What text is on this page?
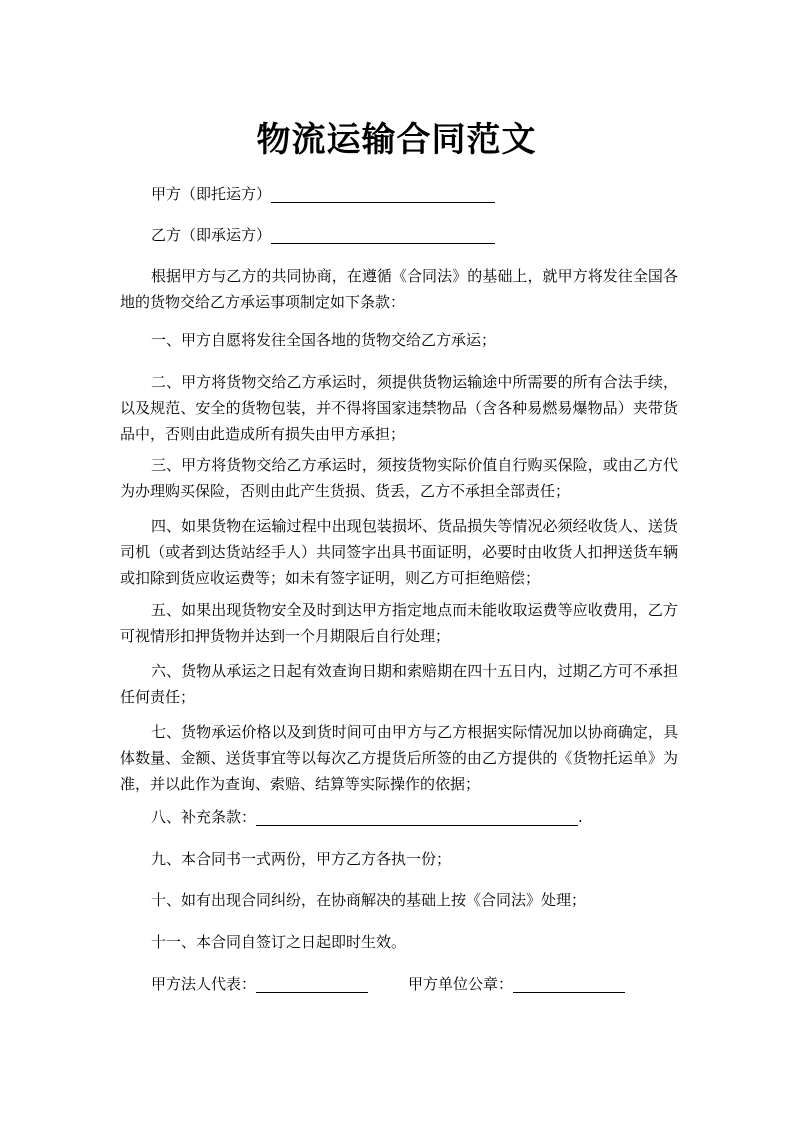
物流运输合同范文
甲方（即托运方）
乙方（即承运方）
根据甲方与乙方的共同协商，在遵循《合同法》的基础上，就甲方将发往全国各地的货物交给乙方承运事项制定如下条款：
一、甲方自愿将发往全国各地的货物交给乙方承运；
二、甲方将货物交给乙方承运时，须提供货物运输途中所需要的所有合法手续，以及规范、安全的货物包装，并不得将国家违禁物品（含各种易燃易爆物品）夹带货品中，否则由此造成所有损失由甲方承担；
三、甲方将货物交给乙方承运时，须按货物实际价值自行购买保险，或由乙方代为办理购买保险，否则由此产生货损、货丢，乙方不承担全部责任；
四、如果货物在运输过程中出现包装损坏、货品损失等情况必须经收货人、送货司机（或者到达货站经手人）共同签字出具书面证明，必要时由收货人扣押送货车辆或扣除到货应收运费等；如未有签字证明，则乙方可拒绝赔偿；
五、如果出现货物安全及时到达甲方指定地点而未能收取运费等应收费用，乙方可视情形扣押货物并达到一个月期限后自行处理；
六、货物从承运之日起有效查询日期和索赔期在四十五日内，过期乙方可不承担任何责任；
七、货物承运价格以及到货时间可由甲方与乙方根据实际情况加以协商确定，具体数量、金额、送货事宜等以每次乙方提货后所签的由乙方提供的《货物托运单》为准，并以此作为查询、索赔、结算等实际操作的依据；
八、补充条款：	.
九、本合同书一式两份，甲方乙方各执一份；
十、如有出现合同纠纷，在协商解决的基础上按《合同法》处理；
十一、本合同自签订之日起即时生效。
甲方法人代表：	甲方单位公章：
